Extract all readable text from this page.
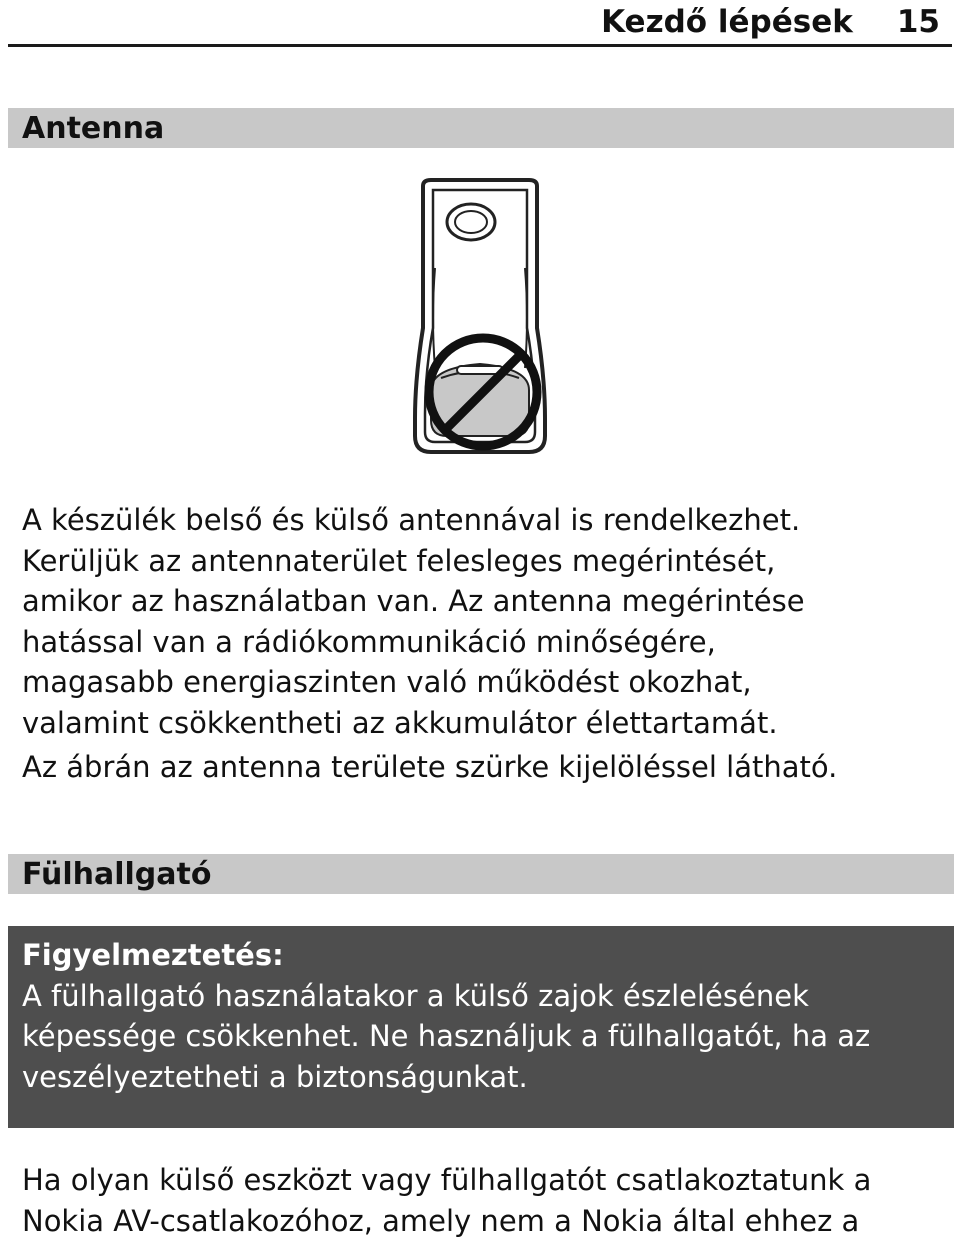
Kezdő lépések 15
Antenna
A készülék belső és külső antennával is rendelkezhet.
Kerüljük az antennaterület felesleges megérintését,
amikor az használatban van. Az antenna megérintése
hatással van a rádiókommunikáció minőségére,
magasabb energiaszinten való működést okozhat,
valamint csökkentheti az akkumulátor élettartamát.
Az ábrán az antenna területe szürke kijelöléssel látható.
Fülhallgató
Figyelmeztetés:
A fülhallgató használatakor a külső zajok észlelésének
képessége csökkenhet. Ne használjuk a fülhallgatót, ha az
veszélyeztetheti a biztonságunkat.
Ha olyan külső eszközt vagy fülhallgatót csatlakoztatunk a
Nokia AV-csatlakozóhoz, amely nem a Nokia által ehhez a
